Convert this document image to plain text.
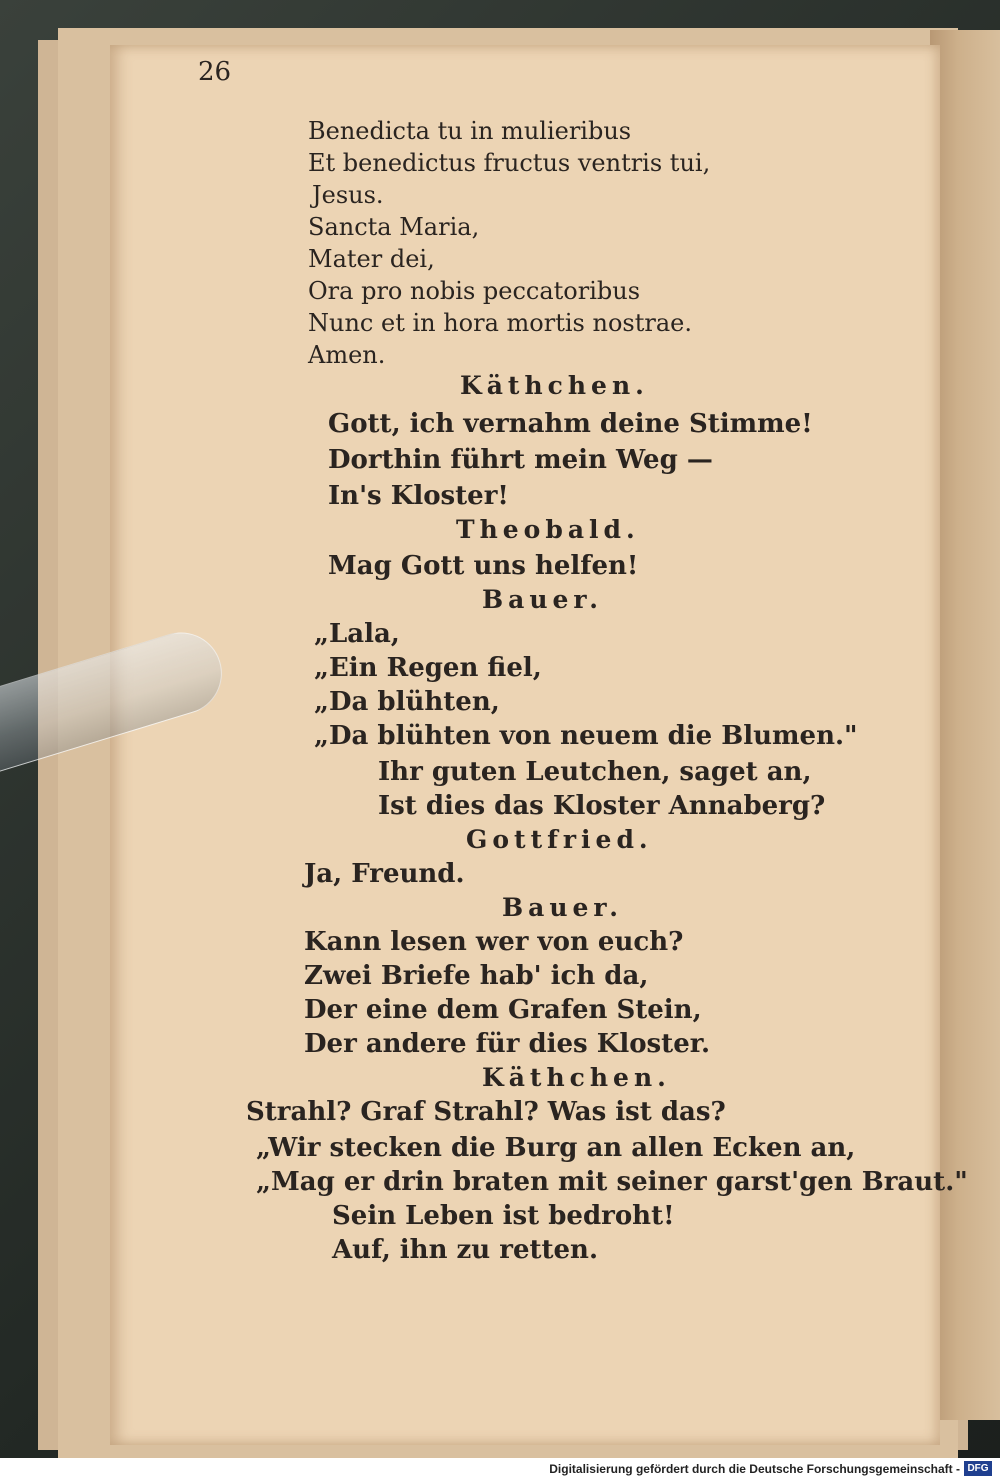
26
Benedicta tu in mulieribus
Et benedictus fructus ventris tui,
Jesus.
Sancta Maria,
Mater dei,
Ora pro nobis peccatoribus
Nunc et in hora mortis nostrae.
Amen.
Käthchen.
Gott, ich vernahm deine Stimme!
Dorthin führt mein Weg —
In's Kloster!
Theobald.
Mag Gott uns helfen!
Bauer.
„Lala,
„Ein Regen fiel,
„Da blühten,
„Da blühten von neuem die Blumen."
Ihr guten Leutchen, saget an,
Ist dies das Kloster Annaberg?
Gottfried.
Ja, Freund.
Bauer.
Kann lesen wer von euch?
Zwei Briefe hab' ich da,
Der eine dem Grafen Stein,
Der andere für dies Kloster.
Käthchen.
Strahl? Graf Strahl? Was ist das?
„Wir stecken die Burg an allen Ecken an,
„Mag er drin braten mit seiner garst'gen Braut."
Sein Leben ist bedroht!
Auf, ihn zu retten.
Digitalisierung gefördert durch die Deutsche Forschungsgemeinschaft - DFG
